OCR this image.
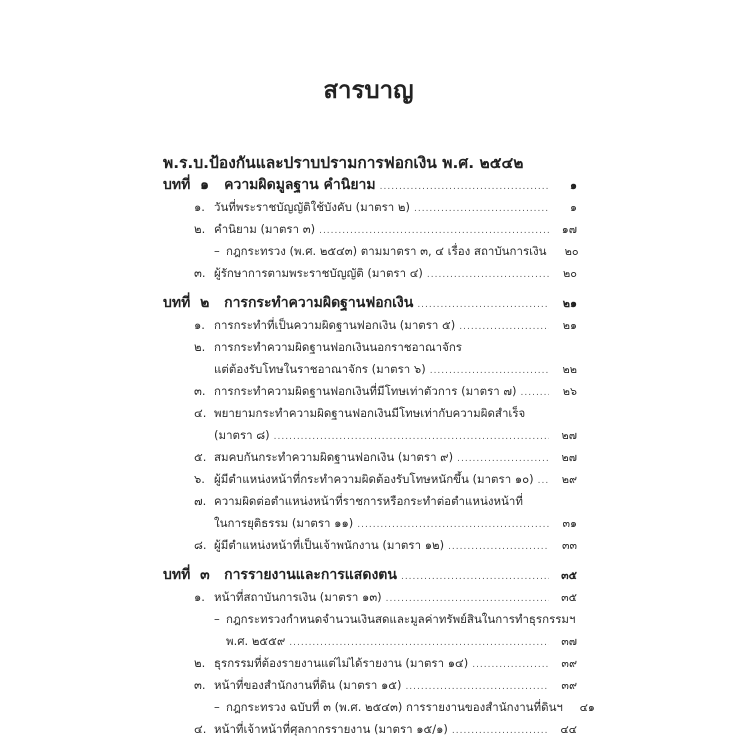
สารบาญ
พ.ร.บ.ป้องกันและปราบปรามการฟอกเงิน พ.ศ. ๒๕๔๒
บทที่ ๑ ความผิดมูลฐาน คำนิยาม .....	๑
๑. วันที่พระราชบัญญัติใช้บังคับ (มาตรา ๒) .....	๑
๒. คำนิยาม (มาตรา ๓) .....	๑๗
– กฎกระทรวง (พ.ศ. ๒๕๔๓) ตามมาตรา ๓, ๔ เรื่อง สถาบันการเงิน	๒๐
๓. ผู้รักษาการตามพระราชบัญญัติ (มาตรา ๔) .....	๒๐
บทที่ ๒ การกระทำความผิดฐานฟอกเงิน .....	๒๑
๑. การกระทำที่เป็นความผิดฐานฟอกเงิน (มาตรา ๕) .....	๒๑
๒. การกระทำความผิดฐานฟอกเงินนอกราชอาณาจักร
แต่ต้องรับโทษในราชอาณาจักร (มาตรา ๖) .....	๒๒
๓. การกระทำความผิดฐานฟอกเงินที่มีโทษเท่าตัวการ (มาตรา ๗) .....	๒๖
๔. พยายามกระทำความผิดฐานฟอกเงินมีโทษเท่ากับความผิดสำเร็จ
(มาตรา ๘) .....	๒๗
๕. สมคบกันกระทำความผิดฐานฟอกเงิน (มาตรา ๙) .....	๒๗
๖. ผู้มีตำแหน่งหน้าที่กระทำความผิดต้องรับโทษหนักขึ้น (มาตรา ๑๐) .....	๒๙
๗. ความผิดต่อตำแหน่งหน้าที่ราชการหรือกระทำต่อตำแหน่งหน้าที่
ในการยุติธรรม (มาตรา ๑๑) .....	๓๑
๘. ผู้มีตำแหน่งหน้าที่เป็นเจ้าพนักงาน (มาตรา ๑๒) .....	๓๓
บทที่ ๓ การรายงานและการแสดงตน .....	๓๕
๑. หน้าที่สถาบันการเงิน (มาตรา ๑๓) .....	๓๕
– กฎกระทรวงกำหนดจำนวนเงินสดและมูลค่าทรัพย์สินในการทำธุรกรรมฯ
พ.ศ. ๒๕๕๙ .....	๓๗
๒. ธุรกรรมที่ต้องรายงานแต่ไม่ได้รายงาน (มาตรา ๑๔) .....	๓๙
๓. หน้าที่ของสำนักงานที่ดิน (มาตรา ๑๕) .....	๓๙
– กฎกระทรวง ฉบับที่ ๓ (พ.ศ. ๒๕๔๓) การรายงานของสำนักงานที่ดินฯ	๔๑
๔. หน้าที่เจ้าหน้าที่ศุลกากรรายงาน (มาตรา ๑๕/๑) .....	๔๔
